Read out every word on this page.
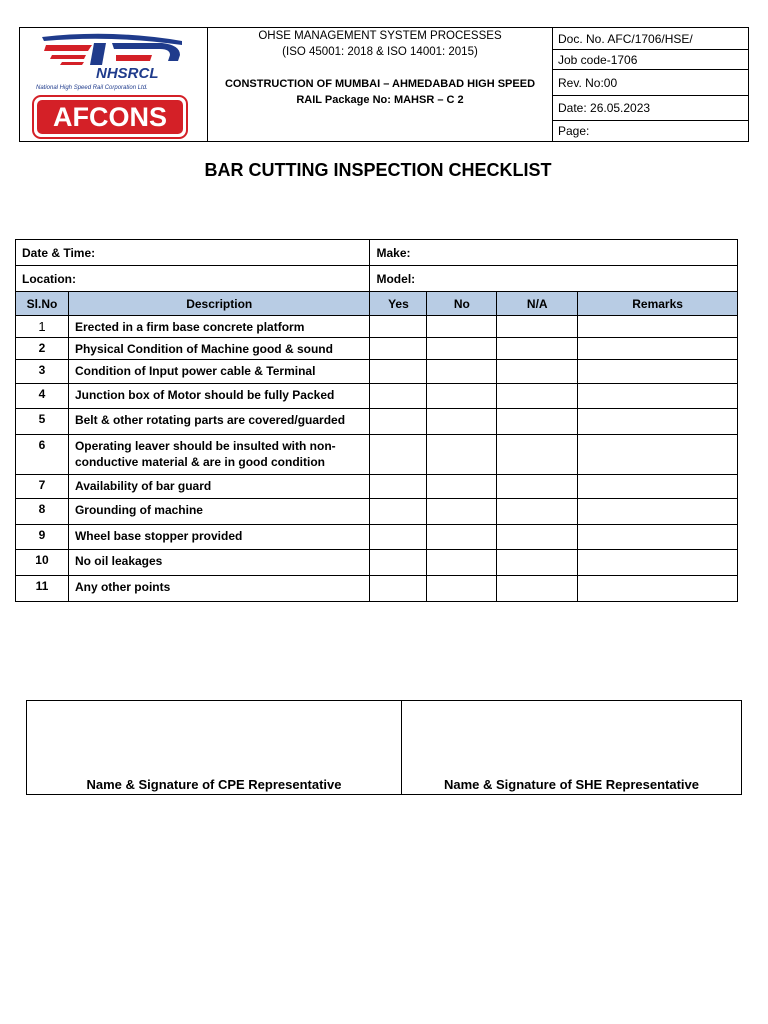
NHSRCL
National High Speed Rail Corporation Ltd.
AFCONS

OHSE MANAGEMENT SYSTEM PROCESSES
(ISO 45001: 2018 & ISO 14001: 2015)
CONSTRUCTION OF MUMBAI – AHMEDABAD HIGH SPEED
RAIL Package No: MAHSR – C 2
	Doc. No. AFC/1706/HSE/
Job code-1706
Rev. No:00
Date: 26.05.2023
Page:
BAR CUTTING INSPECTION CHECKLIST
Date & Time:		Make:			
Location:		Model:			
Sl.No	Description	Yes	No	N/A	Remarks
1	Erected in a firm base concrete platform				
2	Physical Condition of Machine good & sound				
3	Condition of Input power cable & Terminal				
4	Junction box of Motor should be fully Packed				
5	Belt & other rotating parts are covered/guarded				
6	Operating leaver should be insulted with non-conductive material & are in good condition				
7	Availability of bar guard				
8	Grounding of machine				
9	Wheel base stopper provided				
10	No oil leakages				
11	Any other points				
Name & Signature of CPE Representative	Name & Signature of SHE Representative
